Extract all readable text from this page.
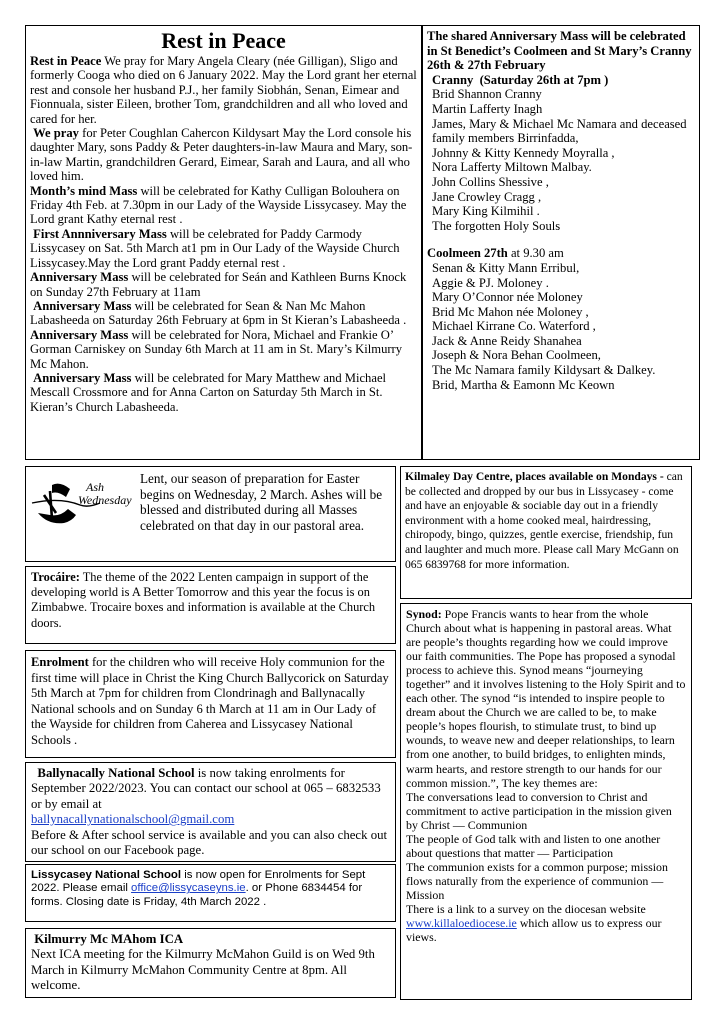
Rest in Peace

Rest in Peace We pray for Mary Angela Cleary (née Gilligan), Sligo and formerly Cooga who died on 6 January 2022. May the Lord grant her eternal rest and console her husband P.J., her family Siobhán, Senan, Eimear and Fionnuala, sister Eileen, brother Tom, grandchildren and all who loved and cared for her.

We pray for Peter Coughlan Cahercon Kildysart May the Lord console his daughter Mary, sons Paddy & Peter daughters-in-law Maura and Mary, son-in-law Martin, grandchildren Gerard, Eimear, Sarah and Laura, and all who loved him.

Month’s mind Mass will be celebrated for Kathy Culligan Bolouhera on Friday 4th Feb. at 7.30pm in our Lady of the Wayside Lissycasey. May the Lord grant Kathy eternal rest .

First Annniversary Mass will be celebrated for Paddy Carmody Lissycasey on Sat. 5th March at1 pm in Our Lady of the Wayside Church Lissycasey.May the Lord grant Paddy eternal rest .

Anniversary Mass will be celebrated for Seán and Kathleen Burns Knock on Sunday 27th February at 11am

Anniversary Mass will be celebrated for Sean & Nan Mc Mahon Labasheeda on Saturday 26th February at 6pm in St Kieran’s Labasheeda .

Anniversary Mass will be celebrated for Nora, Michael and Frankie O’ Gorman Carniskey on Sunday 6th March at 11 am in St. Mary’s Kilmurry Mc Mahon.

Anniversary Mass will be celebrated for Mary Matthew and Michael Mescall Crossmore and for Anna Carton on Saturday 5th March in St. Kieran’s Church Labasheeda.

The shared Anniversary Mass will be celebrated in St Benedict’s Coolmeen and St Mary’s Cranny 26th & 27th February
Cranny (Saturday 26th at 7pm )
Brid Shannon Cranny
Martin Lafferty Inagh
James, Mary & Michael Mc Namara and deceased family members Birrinfadda,
Johnny & Kitty Kennedy Moyralla ,
Nora Lafferty Miltown Malbay.
John Collins Shessive ,
Jane Crowley Cragg ,
Mary King Kilmihil .
The forgotten Holy Souls
Coolmeen 27th at 9.30 am
Senan & Kitty Mann Erribul,
Aggie & PJ. Moloney .
Mary O’Connor née Moloney
Brid Mc Mahon née Moloney ,
Michael Kirrane Co. Waterford ,
Jack & Anne Reidy Shanahea
Joseph & Nora Behan Coolmeen,
The Mc Namara family Kildysart & Dalkey.
Brid, Martha & Eamonn Mc Keown
Ash
Wednesday

Lent, our season of preparation for Easter begins on Wednesday, 2 March. Ashes will be blessed and distributed during all Masses celebrated on that day in our pastoral area.

Trocáire: The theme of the 2022 Lenten campaign in support of the developing world is A Better Tomorrow and this year the focus is on Zimbabwe. Trocaire boxes and information is available at the Church doors.

Enrolment for the children who will receive Holy communion for the first time will place in Christ the King Church Ballycorick on Saturday 5th March at 7pm for children from Clondrinagh and Ballynacally National schools and on Sunday 6 th March at 11 am in Our Lady of the Wayside for children from Caherea and Lissycasey National Schools .

Ballynacally National School is now taking enrolments for September 2022/2023. You can contact our school at 065 – 6832533 or by email at

ballynacallynationalschool@gmail.com

Before & After school service is available and you can also check out our school on our Facebook page.

Lissycasey National School is now open for Enrolments for Sept 2022. Please email office@lissycaseyns.ie. or Phone 6834454 for forms. Closing date is Friday, 4th March 2022 .

Kilmurry Mc MAhom ICA

Next ICA meeting for the Kilmurry McMahon Guild is on Wed 9th March in Kilmurry McMahon Community Centre at 8pm. All welcome.

Kilmaley Day Centre, places available on Mondays - can be collected and dropped by our bus in Lissycasey - come and have an enjoyable & sociable day out in a friendly environment with a home cooked meal, hairdressing, chiropody, bingo, quizzes, gentle exercise, friendship, fun and laughter and much more. Please call Mary McGann on 065 6839768 for more information.

Synod: Pope Francis wants to hear from the whole Church about what is happening in pastoral areas. What are people’s thoughts regarding how we could improve our faith communities. The Pope has proposed a synodal process to achieve this. Synod means “journeying together” and it involves listening to the Holy Spirit and to each other. The synod “is intended to inspire people to dream about the Church we are called to be, to make people’s hopes flourish, to stimulate trust, to bind up wounds, to weave new and deeper relationships, to learn from one another, to build bridges, to enlighten minds, warm hearts, and restore strength to our hands for our common mission.”, The key themes are:

The conversations lead to conversion to Christ and commitment to active participation in the mission given by Christ — Communion

The people of God talk with and listen to one another about questions that matter — Participation

The communion exists for a common purpose; mission flows naturally from the experience of communion — Mission

There is a link to a survey on the diocesan website www.killaloediocese.ie which allow us to express our views.
